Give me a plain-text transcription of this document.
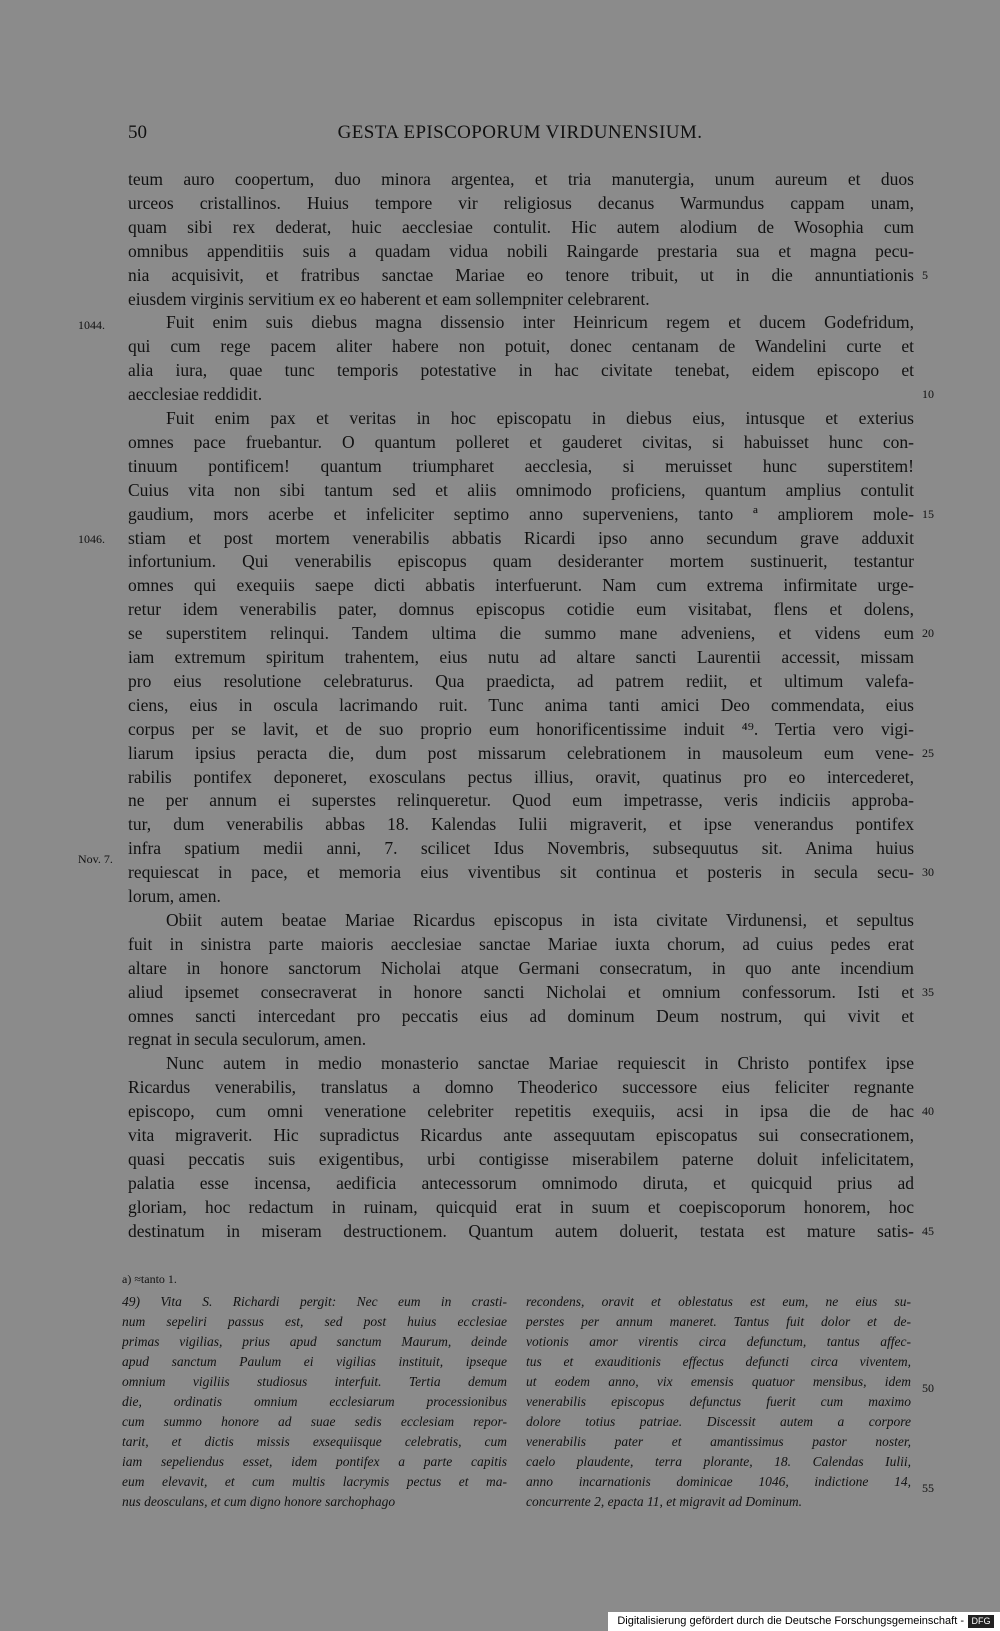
50	GESTA EPISCOPORUM VIRDUNENSIUM.
teum auro coopertum, duo minora argentea, et tria manutergia, unum aureum et duos
urceos cristallinos. Huius tempore vir religiosus decanus Warmundus cappam unam,
quam sibi rex dederat, huic aecclesiae contulit. Hic autem alodium de Wosophia cum
omnibus appenditiis suis a quadam vidua nobili Raingarde prestaria sua et magna pecu-
nia acquisivit, et fratribus sanctae Mariae eo tenore tribuit, ut in die annuntiationis
eiusdem virginis servitium ex eo haberent et eam sollempniter celebrarent.
Fuit enim suis diebus magna dissensio inter Heinricum regem et ducem Godefridum,
qui cum rege pacem aliter habere non potuit, donec centanam de Wandelini curte et
alia iura, quae tunc temporis potestative in hac civitate tenebat, eidem episcopo et
aecclesiae reddidit.
Fuit enim pax et veritas in hoc episcopatu in diebus eius, intusque et exterius
omnes pace fruebantur. O quantum polleret et gauderet civitas, si habuisset hunc con-
tinuum pontificem! quantum triumpharet aecclesia, si meruisset hunc superstitem!
Cuius vita non sibi tantum sed et aliis omnimodo proficiens, quantum amplius contulit
gaudium, mors acerbe et infeliciter septimo anno superveniens, tanto ª ampliorem mole-
stiam et post mortem venerabilis abbatis Ricardi ipso anno secundum grave adduxit
infortunium. Qui venerabilis episcopus quam desideranter mortem sustinuerit, testantur
omnes qui exequiis saepe dicti abbatis interfuerunt. Nam cum extrema infirmitate urge-
retur idem venerabilis pater, domnus episcopus cotidie eum visitabat, flens et dolens,
se superstitem relinqui. Tandem ultima die summo mane adveniens, et videns eum
iam extremum spiritum trahentem, eius nutu ad altare sancti Laurentii accessit, missam
pro eius resolutione celebraturus. Qua praedicta, ad patrem rediit, et ultimum valefa-
ciens, eius in oscula lacrimando ruit. Tunc anima tanti amici Deo commendata, eius
corpus per se lavit, et de suo proprio eum honorificentissime induit ⁴⁹. Tertia vero vigi-
liarum ipsius peracta die, dum post missarum celebrationem in mausoleum eum vene-
rabilis pontifex deponeret, exosculans pectus illius, oravit, quatinus pro eo intercederet,
ne per annum ei superstes relinqueretur. Quod eum impetrasse, veris indiciis approba-
tur, dum venerabilis abbas 18. Kalendas Iulii migraverit, et ipse venerandus pontifex
infra spatium medii anni, 7. scilicet Idus Novembris, subsequutus sit. Anima huius
requiescat in pace, et memoria eius viventibus sit continua et posteris in secula secu-
lorum, amen.
Obiit autem beatae Mariae Ricardus episcopus in ista civitate Virdunensi, et sepultus
fuit in sinistra parte maioris aecclesiae sanctae Mariae iuxta chorum, ad cuius pedes erat
altare in honore sanctorum Nicholai atque Germani consecratum, in quo ante incendium
aliud ipsemet consecraverat in honore sancti Nicholai et omnium confessorum. Isti et
omnes sancti intercedant pro peccatis eius ad dominum Deum nostrum, qui vivit et
regnat in secula seculorum, amen.
Nunc autem in medio monasterio sanctae Mariae requiescit in Christo pontifex ipse
Ricardus venerabilis, translatus a domno Theoderico successore eius feliciter regnante
episcopo, cum omni veneratione celebriter repetitis exequiis, acsi in ipsa die de hac
vita migraverit. Hic supradictus Ricardus ante assequutam episcopatus sui consecrationem,
quasi peccatis suis exigentibus, urbi contigisse miserabilem paterne doluit infelicitatem,
palatia esse incensa, aedificia antecessorum omnimodo diruta, et quicquid prius ad
gloriam, hoc redactum in ruinam, quicquid erat in suum et coepiscoporum honorem, hoc
destinatum in miseram destructionem. Quantum autem doluerit, testata est mature satis-
1044.
1046.
Nov. 7.
5
10
15
20
25
30
35
40
45
a) ≈tanto 1.
49) Vita S. Richardi pergit: Nec eum in crasti-
num sepeliri passus est, sed post huius ecclesiae
primas vigilias, prius apud sanctum Maurum, deinde
apud sanctum Paulum ei vigilias instituit, ipseque
omnium vigiliis studiosus interfuit. Tertia demum
die, ordinatis omnium ecclesiarum processionibus
cum summo honore ad suae sedis ecclesiam repor-
tarit, et dictis missis exsequiisque celebratis, cum
iam sepeliendus esset, idem pontifex a parte capitis
eum elevavit, et cum multis lacrymis pectus et ma-
nus deosculans, et cum digno honore sarchophago
recondens, oravit et oblestatus est eum, ne eius su-
perstes per annum maneret. Tantus fuit dolor et de-
votionis amor virentis circa defunctum, tantus affec-
tus et exauditionis effectus defuncti circa viventem,
ut eodem anno, vix emensis quatuor mensibus, idem
venerabilis episcopus defunctus fuerit cum maximo
dolore totius patriae. Discessit autem a corpore
venerabilis pater et amantissimus pastor noster,
caelo plaudente, terra plorante, 18. Calendas Iulii,
anno incarnationis dominicae 1046, indictione 14,
concurrente 2, epacta 11, et migravit ad Dominum.
50
55
Digitalisierung gefördert durch die Deutsche Forschungsgemeinschaft - DFG
